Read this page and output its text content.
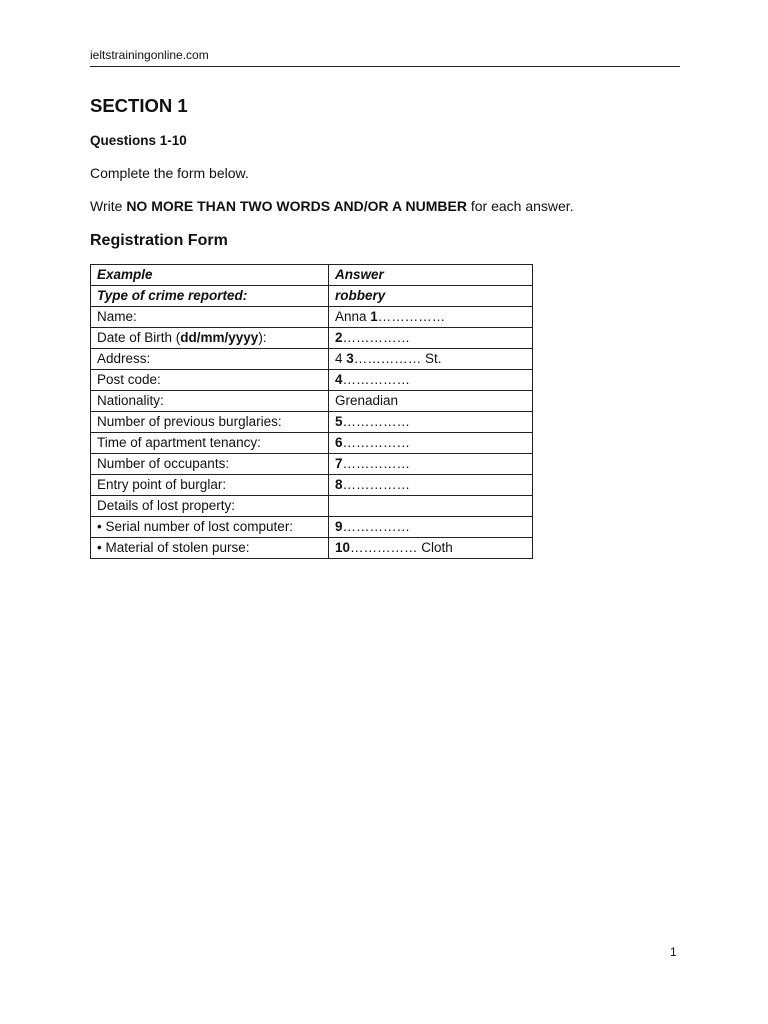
ieltstrainingonline.com
SECTION 1
Questions 1-10
Complete the form below.
Write NO MORE THAN TWO WORDS AND/OR A NUMBER for each answer.
Registration Form
Example	Answer
Type of crime reported:	robbery
Name:	Anna 1……………
Date of Birth (dd/mm/yyyy):	2……………
Address:	4 3…………… St.
Post code:	4……………
Nationality:	Grenadian
Number of previous burglaries:	5……………
Time of apartment tenancy:	6……………
Number of occupants:	7……………
Entry point of burglar:	8……………
Details of lost property:	
• Serial number of lost computer:	9……………
• Material of stolen purse:	10…………… Cloth
1
